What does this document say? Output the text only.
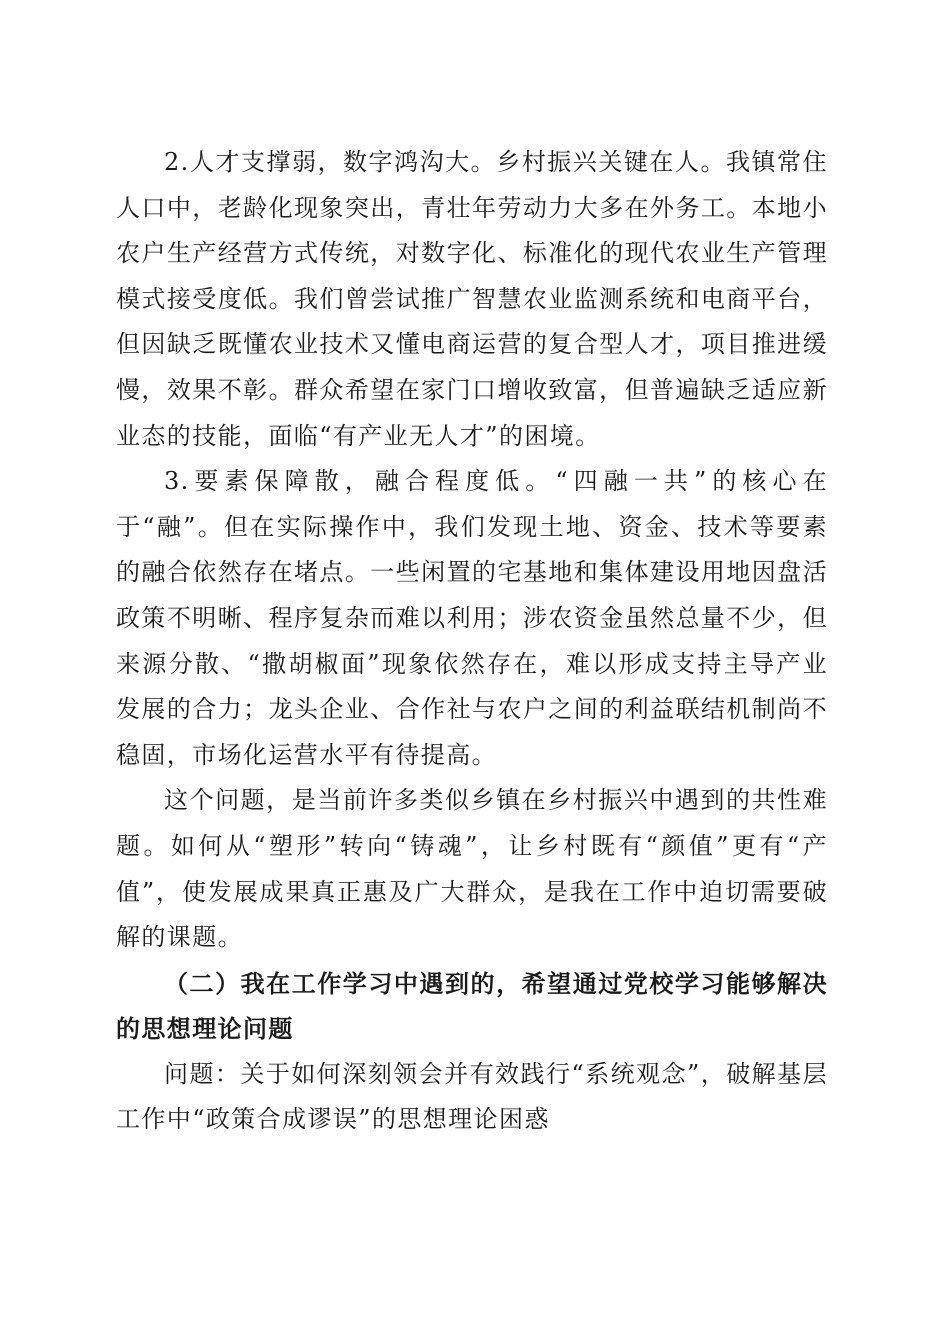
2.人才支撑弱，数字鸿沟大。乡村振兴关键在人。我镇常住人口中，老龄化现象突出，青壮年劳动力大多在外务工。本地小农户生产经营方式传统，对数字化、标准化的现代农业生产管理模式接受度低。我们曾尝试推广智慧农业监测系统和电商平台，但因缺乏既懂农业技术又懂电商运营的复合型人才，项目推进缓慢，效果不彰。群众希望在家门口增收致富，但普遍缺乏适应新业态的技能，面临“有产业无人才”的困境。

3.要素保障散，融合程度低。“四融一共”的核心在于“融”。但在实际操作中，我们发现土地、资金、技术等要素的融合依然存在堵点。一些闲置的宅基地和集体建设用地因盘活政策不明晰、程序复杂而难以利用；涉农资金虽然总量不少，但来源分散、“撒胡椒面”现象依然存在，难以形成支持主导产业发展的合力；龙头企业、合作社与农户之间的利益联结机制尚不稳固，市场化运营水平有待提高。

这个问题，是当前许多类似乡镇在乡村振兴中遇到的共性难题。如何从“塑形”转向“铸魂”，让乡村既有“颜值”更有“产值”，使发展成果真正惠及广大群众，是我在工作中迫切需要破解的课题。

（二）我在工作学习中遇到的，希望通过党校学习能够解决的思想理论问题

问题：关于如何深刻领会并有效践行“系统观念”，破解基层工作中“政策合成谬误”的思想理论困惑
